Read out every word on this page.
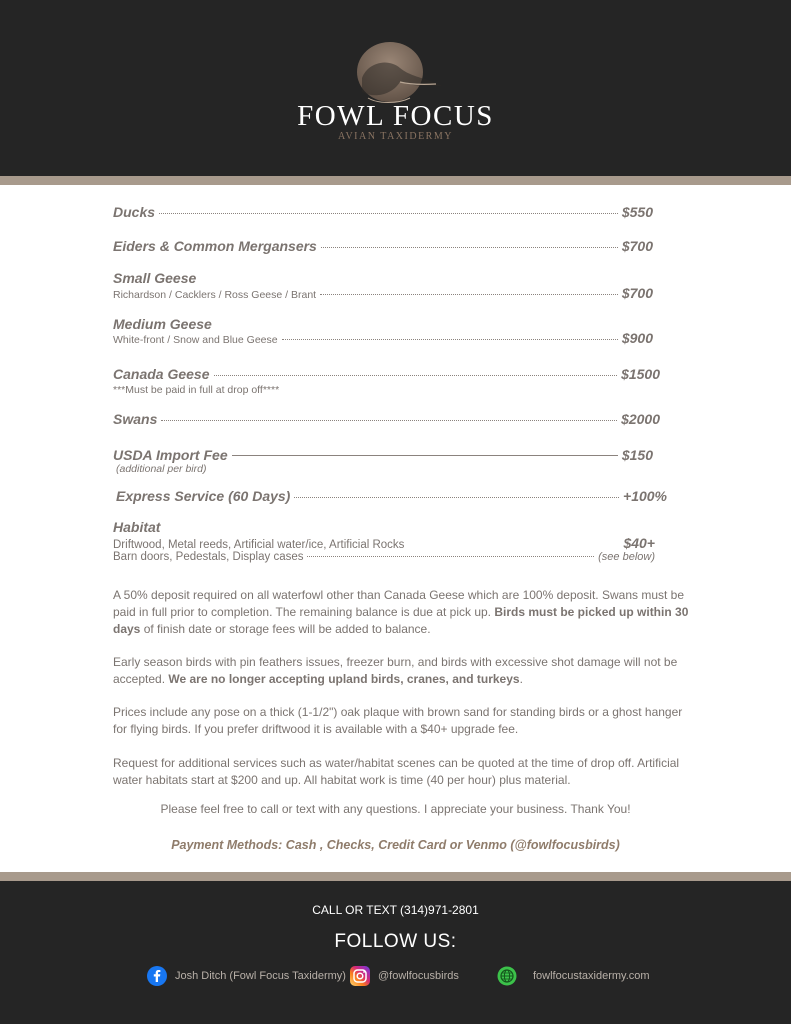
FOWL FOCUS
AVIAN TAXIDERMY
Ducks	$550
Eiders & Common Mergansers	$700
Small Geese
Richardson / Cacklers / Ross Geese / Brant	$700
Medium Geese
White-front / Snow and Blue Geese	$900
Canada Geese	$1500
***Must be paid in full at drop off****
Swans	$2000
USDA Import Fee	$150
(additional per bird)
Express Service (60 Days)	+100%
Habitat
Driftwood, Metal reeds, Artificial water/ice, Artificial Rocks	$40+
Barn doors, Pedestals, Display cases	(see below)
A 50% deposit required on all waterfowl other than Canada Geese which are 100% deposit. Swans must be paid in full prior to completion. The remaining balance is due at pick up. Birds must be picked up within 30 days of finish date or storage fees will be added to balance.
Early season birds with pin feathers issues, freezer burn, and birds with excessive shot damage will not be accepted. We are no longer accepting upland birds, cranes, and turkeys.
Prices include any pose on a thick (1-1/2") oak plaque with brown sand for standing birds or a ghost hanger for flying birds. If you prefer driftwood it is available with a $40+ upgrade fee.
Request for additional services such as water/habitat scenes can be quoted at the time of drop off. Artificial water habitats start at $200 and up. All habitat work is time (40 per hour) plus material.
Please feel free to call or text with any questions. I appreciate your business. Thank You!
Payment Methods: Cash , Checks, Credit Card or Venmo (@fowlfocusbirds)
CALL OR TEXT (314)971-2801
FOLLOW US:
Josh Ditch (Fowl Focus Taxidermy)	@fowlfocusbirds	fowlfocustaxidermy.com
